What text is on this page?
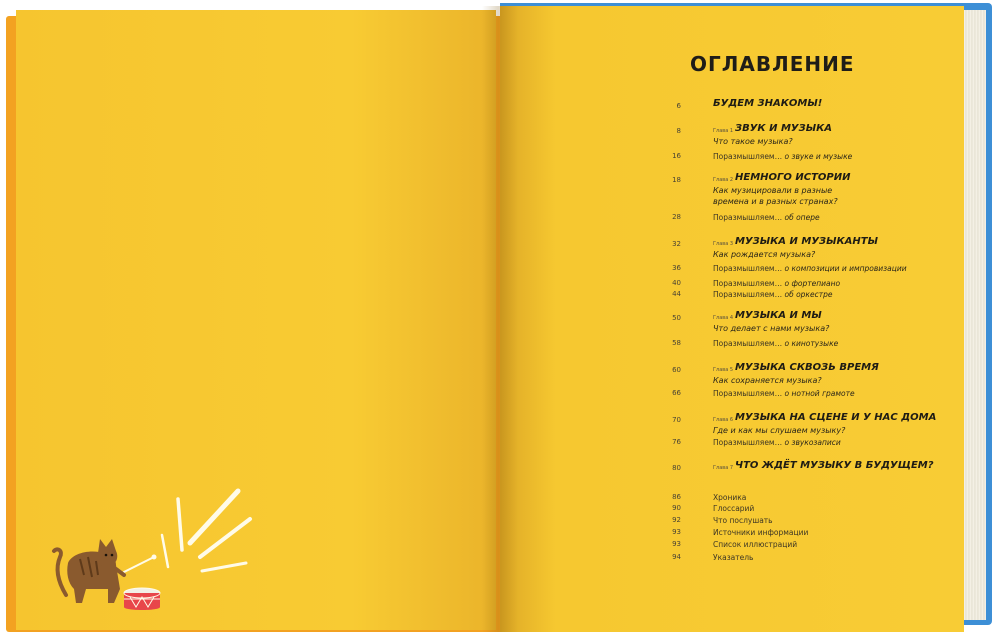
ОГЛАВЛЕНИЕ
6	БУДЕМ ЗНАКОМЫ!
8	Глава 1 ЗВУК И МУЗЫКА
Что такое музыка?
16	Поразмышляем… о звуке и музыке
18	Глава 2 НЕМНОГО ИСТОРИИ
Как музицировали в разные
времена и в разных странах?
28	Поразмышляем… об опере
32	Глава 3 МУЗЫКА И МУЗЫКАНТЫ
Как рождается музыка?
36	Поразмышляем… о композиции и импровизации
40	Поразмышляем… о фортепиано
44	Поразмышляем… об оркестре
50	Глава 4 МУЗЫКА И МЫ
Что делает с нами музыка?
58	Поразмышляем… о кинотузыке
60	Глава 5 МУЗЫКА СКВОЗЬ ВРЕМЯ
Как сохраняется музыка?
66	Поразмышляем… о нотной грамоте
70	Глава 6 МУЗЫКА НА СЦЕНЕ И У НАС ДОМА
Где и как мы слушаем музыку?
76	Поразмышляем… о звукозаписи
80	Глава 7 ЧТО ЖДЁТ МУЗЫКУ В БУДУЩЕМ?
86	Хроника
90	Глоссарий
92	Что послушать
93	Источники информации
93	Список иллюстраций
94	Указатель
